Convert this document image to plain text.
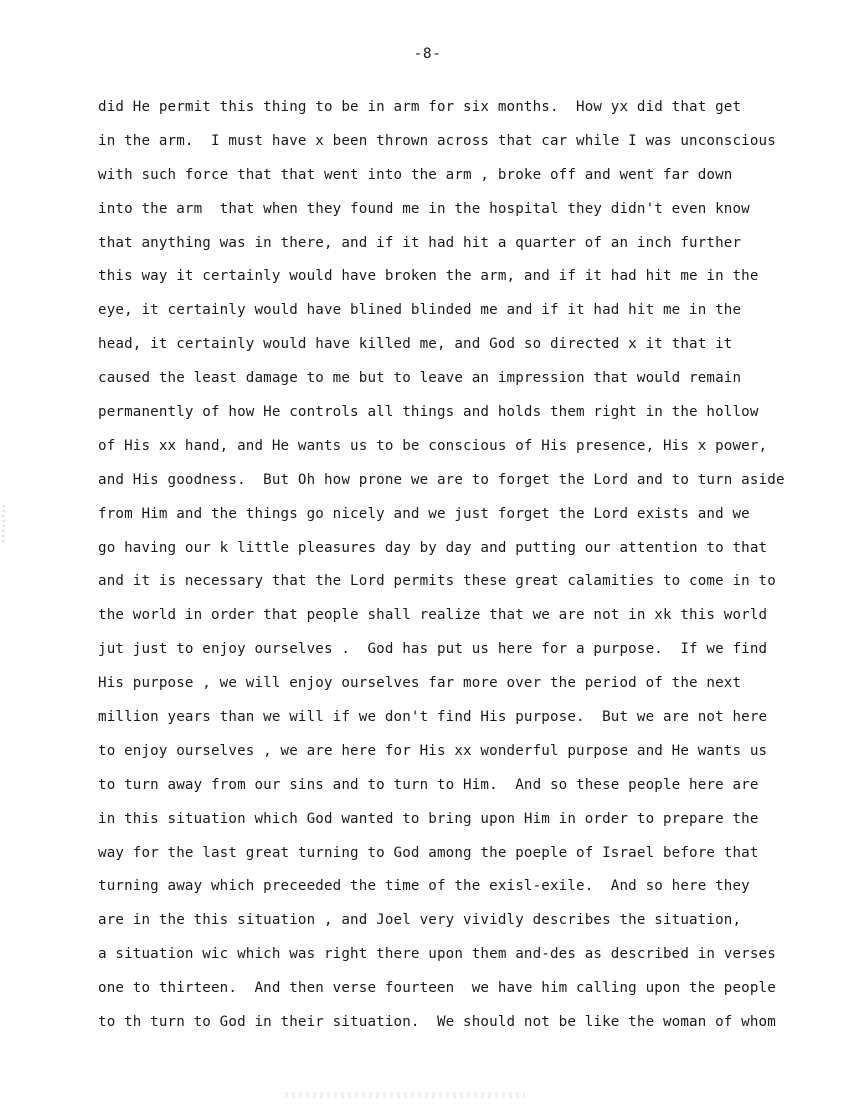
-8-
did He permit this thing to be in arm for six months.  How yx did that get
in the arm.  I must have x been thrown across that car while I was unconscious
with such force that that went into the arm , broke off and went far down
into the arm  that when they found me in the hospital they didn't even know
that anything was in there, and if it had hit a quarter of an inch further
this way it certainly would have broken the arm, and if it had hit me in the
eye, it certainly would have blined blinded me and if it had hit me in the
head, it certainly would have killed me, and God so directed x it that it
caused the least damage to me but to leave an impression that would remain
permanently of how He controls all things and holds them right in the hollow
of His xx hand, and He wants us to be conscious of His presence, His x power,
and His goodness.  But Oh how prone we are to forget the Lord and to turn aside
from Him and the things go nicely and we just forget the Lord exists and we
go having our k little pleasures day by day and putting our attention to that
and it is necessary that the Lord permits these great calamities to come in to
the world in order that people shall realize that we are not in xk this world
jut just to enjoy ourselves .  God has put us here for a purpose.  If we find
His purpose , we will enjoy ourselves far more over the period of the next
million years than we will if we don't find His purpose.  But we are not here
to enjoy ourselves , we are here for His xx wonderful purpose and He wants us
to turn away from our sins and to turn to Him.  And so these people here are
in this situation which God wanted to bring upon Him in order to prepare the
way for the last great turning to God among the poeple of Israel before that
turning away which preceeded the time of the exisl-exile.  And so here they
are in the this situation , and Joel very vividly describes the situation,
a situation wic which was right there upon them and-des as described in verses
one to thirteen.  And then verse fourteen  we have him calling upon the people
to th turn to God in their situation.  We should not be like the woman of whom
